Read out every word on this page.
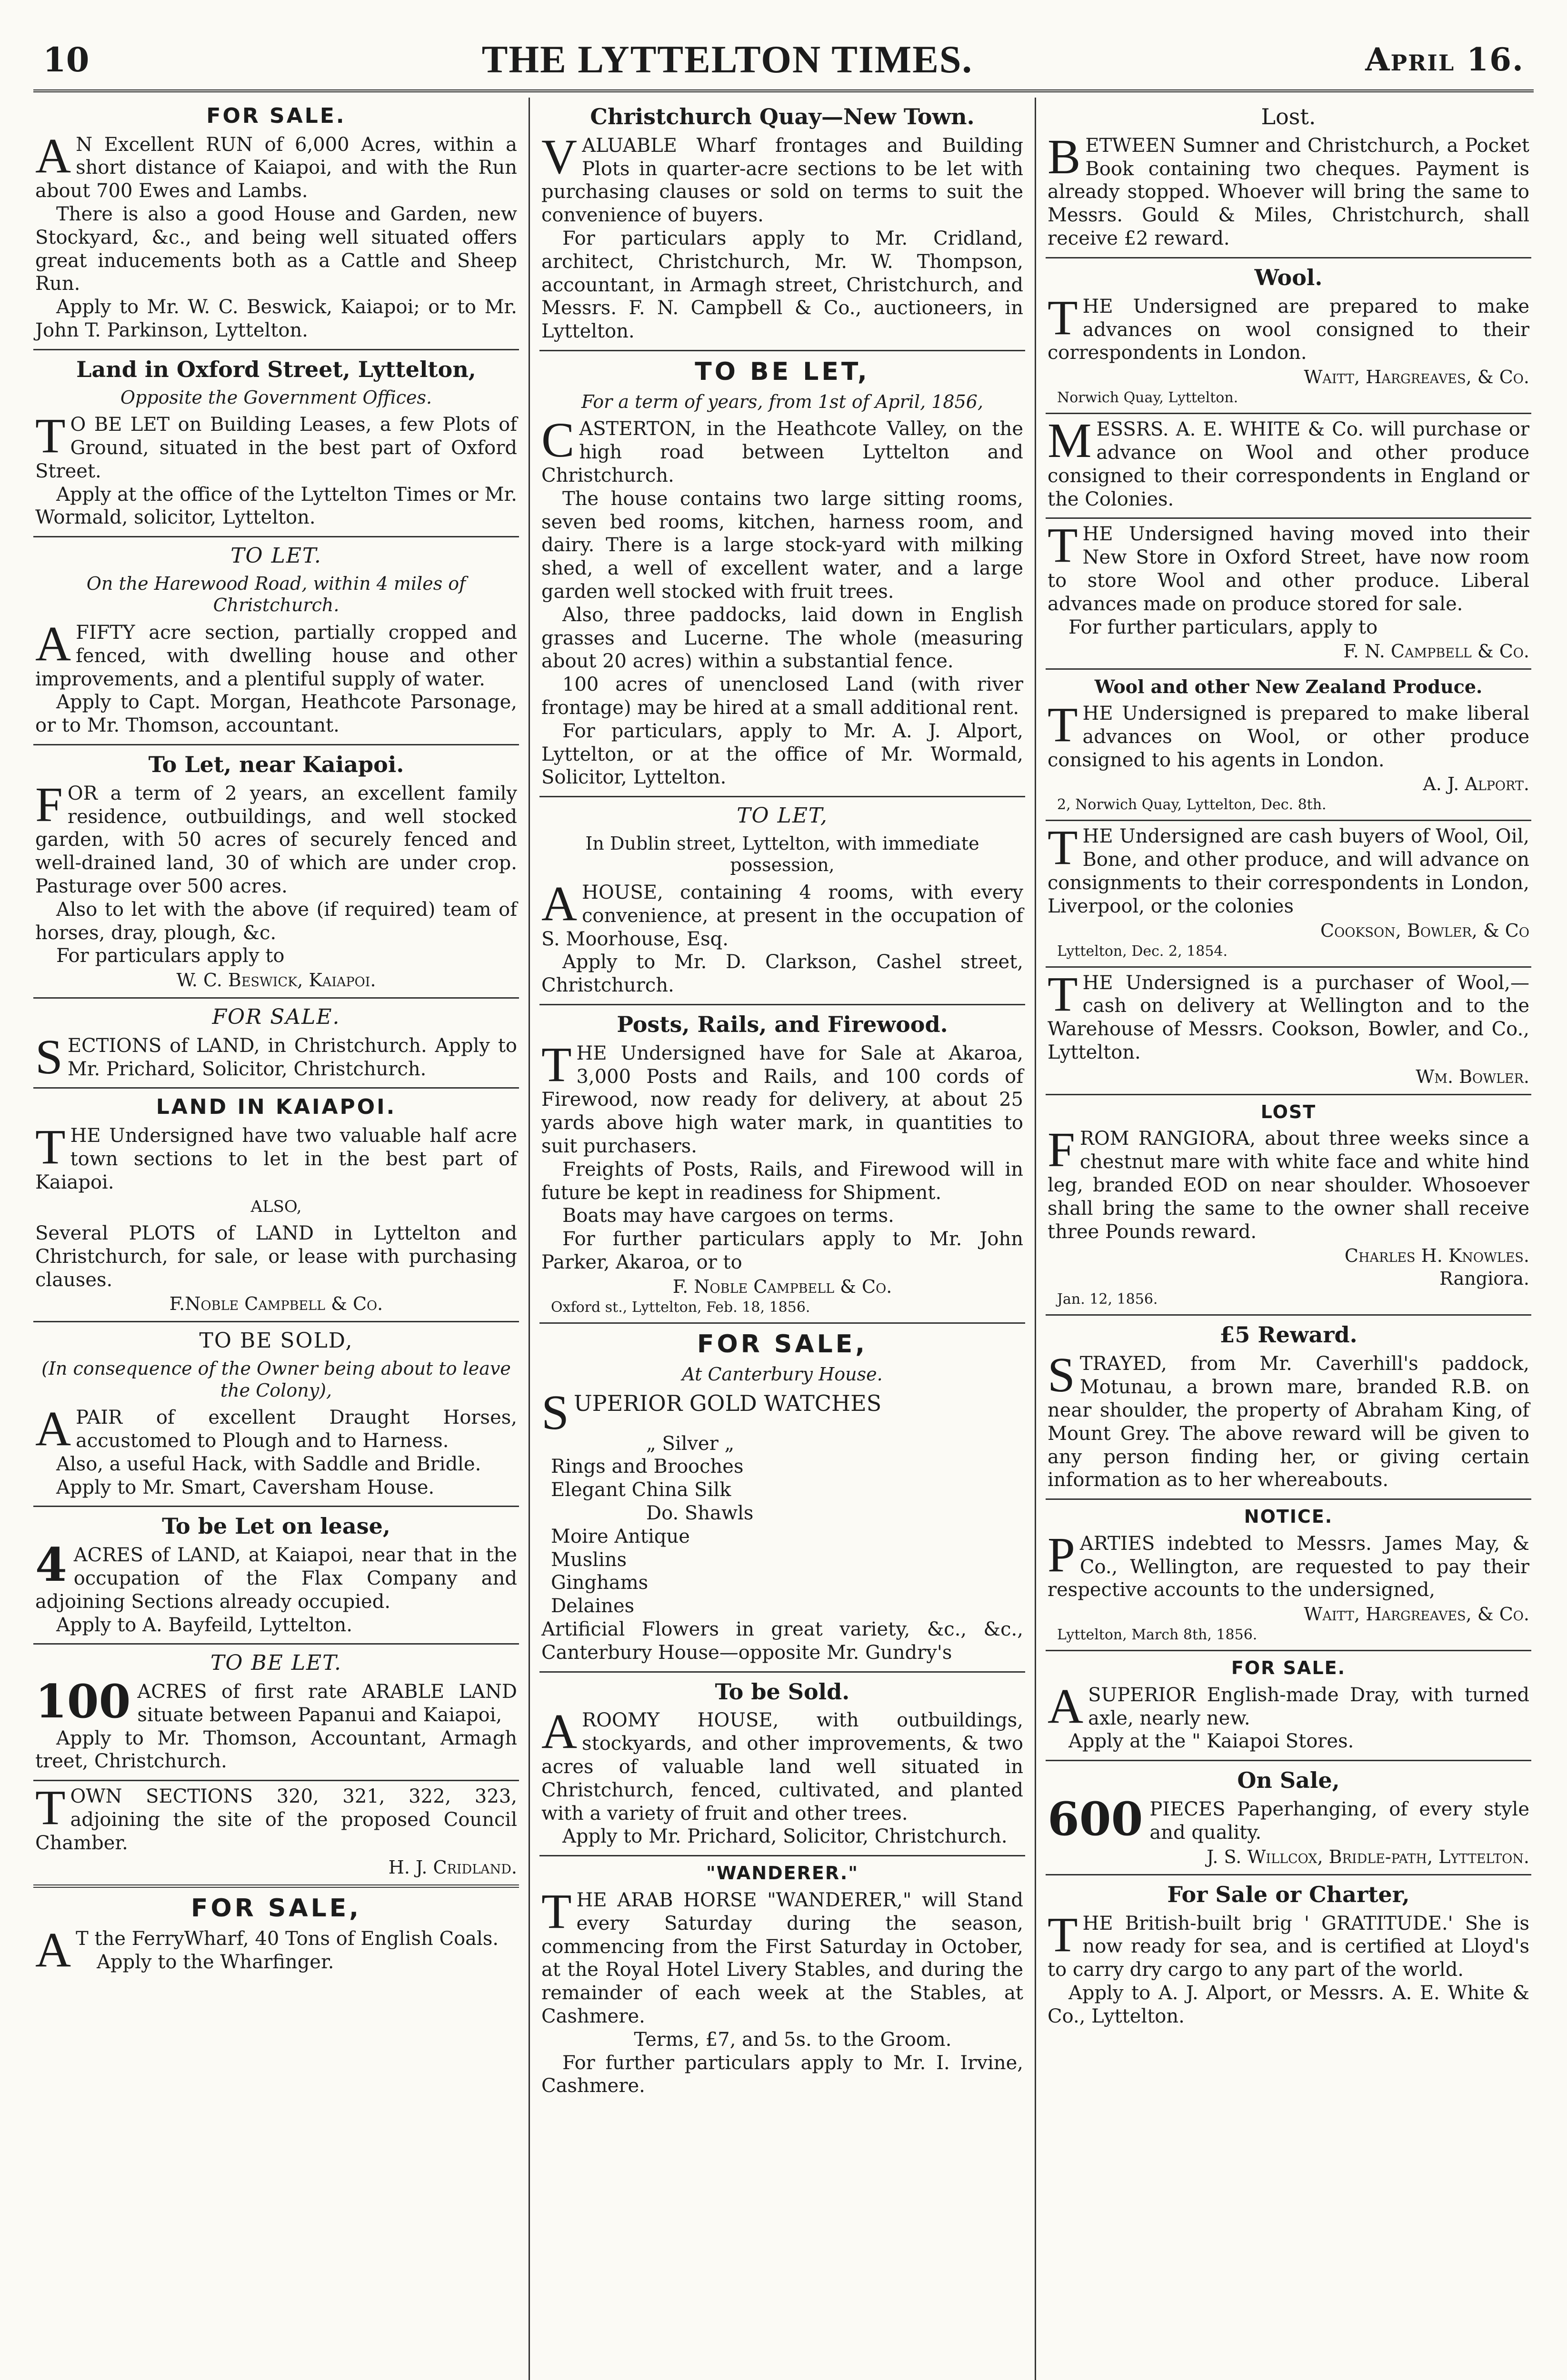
10	THE LYTTELTON TIMES.	April 16.
FOR SALE.

A N Excellent RUN of 6,000 Acres, within a short distance of Kaiapoi, and with the Run about 700 Ewes and Lambs.

There is also a good House and Garden, new Stockyard, &c., and being well situated offers great inducements both as a Cattle and Sheep Run.

Apply to Mr. W. C. Beswick, Kaiapoi; or to Mr. John T. Parkinson, Lyttelton.

Land in Oxford Street, Lyttelton,
Opposite the Government Offices.

T O BE LET on Building Leases, a few Plots of Ground, situated in the best part of Oxford Street.

Apply at the office of the Lyttelton Times or Mr. Wormald, solicitor, Lyttelton.

TO LET.
On the Harewood Road, within 4 miles of Christchurch.

A FIFTY acre section, partially cropped and fenced, with dwelling house and other improvements, and a plentiful supply of water.

Apply to Capt. Morgan, Heathcote Parsonage, or to Mr. Thomson, accountant.

To Let, near Kaiapoi.

FOR a term of 2 years, an excellent family residence, outbuildings, and well stocked garden, with 50 acres of securely fenced and well-drained land, 30 of which are under crop. Pasturage over 500 acres.

Also to let with the above (if required) team of horses, dray, plough, &c.

For particulars apply to

W. C. Beswick, Kaiapoi.
FOR SALE.

SECTIONS of LAND, in Christchurch. Apply to Mr. Prichard, Solicitor, Christchurch.

LAND IN KAIAPOI.

THE Undersigned have two valuable half acre town sections to let in the best part of Kaiapoi.

ALSO,

Several PLOTS of LAND in Lyttelton and Christchurch, for sale, or lease with purchasing clauses.

F.Noble Campbell & Co.
TO BE SOLD,
(In consequence of the Owner being about to leave the Colony),

A PAIR of excellent Draught Horses, accustomed to Plough and to Harness.

Also, a useful Hack, with Saddle and Bridle.

Apply to Mr. Smart, Caversham House.

To be Let on lease,

4 ACRES of LAND, at Kaiapoi, near that in the occupation of the Flax Company and adjoining Sections already occupied.

Apply to A. Bayfeild, Lyttelton.

TO BE LET.

100 ACRES of first rate ARABLE LAND situate between Papanui and Kaiapoi,

Apply to Mr. Thomson, Accountant, Armagh treet, Christchurch.

TOWN SECTIONS 320, 321, 322, 323, adjoining the site of the proposed Council Chamber.

H. J. Cridland.
FOR SALE,

A T the FerryWharf, 40 Tons of English Coals.

Apply to the Wharfinger.

Christchurch Quay—New Town.

VALUABLE Wharf frontages and Building Plots in quarter-acre sections to be let with purchasing clauses or sold on terms to suit the convenience of buyers.

For particulars apply to Mr. Cridland, architect, Christchurch, Mr. W. Thompson, accountant, in Armagh street, Christchurch, and Messrs. F. N. Campbell & Co., auctioneers, in Lyttelton.

TO BE LET,
For a term of years, from 1st of April, 1856,

CASTERTON, in the Heathcote Valley, on the high road between Lyttelton and Christchurch.

The house contains two large sitting rooms, seven bed rooms, kitchen, harness room, and dairy. There is a large stock-yard with milking shed, a well of excellent water, and a large garden well stocked with fruit trees.

Also, three paddocks, laid down in English grasses and Lucerne. The whole (measuring about 20 acres) within a substantial fence.

100 acres of unenclosed Land (with river frontage) may be hired at a small additional rent.

For particulars, apply to Mr. A. J. Alport, Lyttelton, or at the office of Mr. Wormald, Solicitor, Lyttelton.

TO LET,
In Dublin street, Lyttelton, with immediate possession,

A HOUSE, containing 4 rooms, with every convenience, at present in the occupation of S. Moorhouse, Esq.

Apply to Mr. D. Clarkson, Cashel street, Christchurch.

Posts, Rails, and Firewood.

THE Undersigned have for Sale at Akaroa, 3,000 Posts and Rails, and 100 cords of Firewood, now ready for delivery, at about 25 yards above high water mark, in quantities to suit purchasers.

Freights of Posts, Rails, and Firewood will in future be kept in readiness for Shipment.

Boats may have cargoes on terms.

For further particulars apply to Mr. John Parker, Akaroa, or to

F. Noble Campbell & Co.
Oxford st., Lyttelton, Feb. 18, 1856.
FOR SALE,
At Canterbury House.

SUPERIOR GOLD WATCHES

„ Silver „
Rings and Brooches
Elegant China Silk
Do. Shawls
Moire Antique
Muslins
Ginghams
Delaines

Artificial Flowers in great variety, &c., &c., Canterbury House—opposite Mr. Gundry's

To be Sold.

A ROOMY HOUSE, with outbuildings, stockyards, and other improvements, & two acres of valuable land well situated in Christchurch, fenced, cultivated, and planted with a variety of fruit and other trees.

Apply to Mr. Prichard, Solicitor, Christchurch.

"WANDERER."

THE ARAB HORSE "WANDERER," will Stand every Saturday during the season, commencing from the First Saturday in October, at the Royal Hotel Livery Stables, and during the remainder of each week at the Stables, at Cashmere.

Terms, £7, and 5s. to the Groom.

For further particulars apply to Mr. I. Irvine, Cashmere.

Lost.

BETWEEN Sumner and Christchurch, a Pocket Book containing two cheques. Payment is already stopped. Whoever will bring the same to Messrs. Gould & Miles, Christchurch, shall receive £2 reward.

Wool.

THE Undersigned are prepared to make advances on wool consigned to their correspondents in London.

Waitt, Hargreaves, & Co.
Norwich Quay, Lyttelton.

MESSRS. A. E. WHITE & Co. will purchase or advance on Wool and other produce consigned to their correspondents in England or the Colonies.

THE Undersigned having moved into their New Store in Oxford Street, have now room to store Wool and other produce. Liberal advances made on produce stored for sale.

For further particulars, apply to

F. N. Campbell & Co.
Wool and other New Zealand Produce.

THE Undersigned is prepared to make liberal advances on Wool, or other produce consigned to his agents in London.

A. J. Alport.
2, Norwich Quay, Lyttelton, Dec. 8th.

THE Undersigned are cash buyers of Wool, Oil, Bone, and other produce, and will advance on consignments to their correspondents in London, Liverpool, or the colonies

Cookson, Bowler, & Co
Lyttelton, Dec. 2, 1854.

THE Undersigned is a purchaser of Wool,—cash on delivery at Wellington and to the Warehouse of Messrs. Cookson, Bowler, and Co., Lyttelton.

Wm. Bowler.
LOST

FROM RANGIORA, about three weeks since a chestnut mare with white face and white hind leg, branded EOD on near shoulder. Whosoever shall bring the same to the owner shall receive three Pounds reward.

Charles H. Knowles.
Rangiora.
Jan. 12, 1856.
£5 Reward.

STRAYED, from Mr. Caverhill's paddock, Motunau, a brown mare, branded R.B. on near shoulder, the property of Abraham King, of Mount Grey. The above reward will be given to any person finding her, or giving certain information as to her whereabouts.

NOTICE.

PARTIES indebted to Messrs. James May, & Co., Wellington, are requested to pay their respective accounts to the undersigned,

Waitt, Hargreaves, & Co.
Lyttelton, March 8th, 1856.
FOR SALE.

A SUPERIOR English-made Dray, with turned axle, nearly new.

Apply at the " Kaiapoi Stores.

On Sale,

600 PIECES Paperhanging, of every style and quality.

J. S. Willcox, Bridle-path, Lyttelton.
For Sale or Charter,

THE British-built brig ' GRATITUDE.' She is now ready for sea, and is certified at Lloyd's to carry dry cargo to any part of the world.

Apply to A. J. Alport, or Messrs. A. E. White & Co., Lyttelton.
